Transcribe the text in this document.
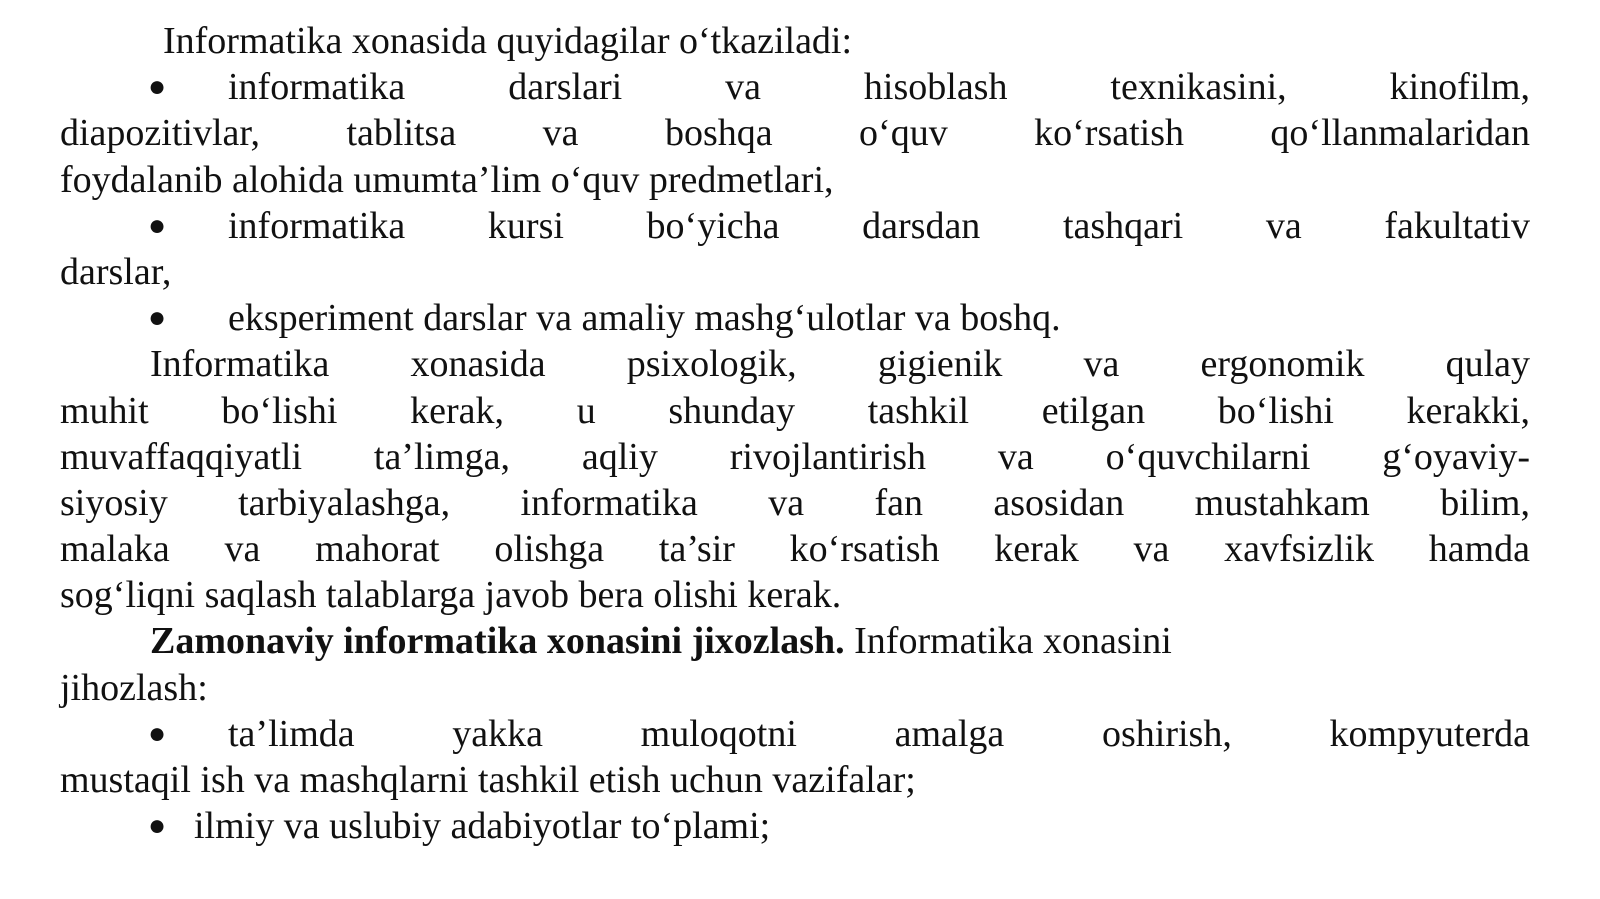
Informatika xonasida quyidagilar o‘tkaziladi:
● informatika darslari va hisoblash texnikasini, kinofilm,
diapozitivlar, tablitsa va boshqa o‘quv ko‘rsatish qo‘llanmalaridan
foydalanib alohida umumta’lim o‘quv predmetlari,
● informatika kursi bo‘yicha darsdan tashqari va fakultativ
darslar,
● eksperiment darslar va amaliy mashg‘ulotlar va boshq.
Informatika xonasida psixologik, gigienik va ergonomik qulay
muhit bo‘lishi kerak, u shunday tashkil etilgan bo‘lishi kerakki,
muvaffaqqiyatli ta’limga, aqliy rivojlantirish va o‘quvchilarni g‘oyaviy-
siyosiy tarbiyalashga, informatika va fan asosidan mustahkam bilim,
malaka va mahorat olishga ta’sir ko‘rsatish kerak va xavfsizlik hamda
sog‘liqni saqlash talablarga javob bera olishi kerak.
Zamonaviy informatika xonasini jixozlash. Informatika xonasini
jihozlash:
● ta’limda yakka muloqotni amalga oshirish, kompyuterda
mustaqil ish va mashqlarni tashkil etish uchun vazifalar;
● ilmiy va uslubiy adabiyotlar to‘plami;
